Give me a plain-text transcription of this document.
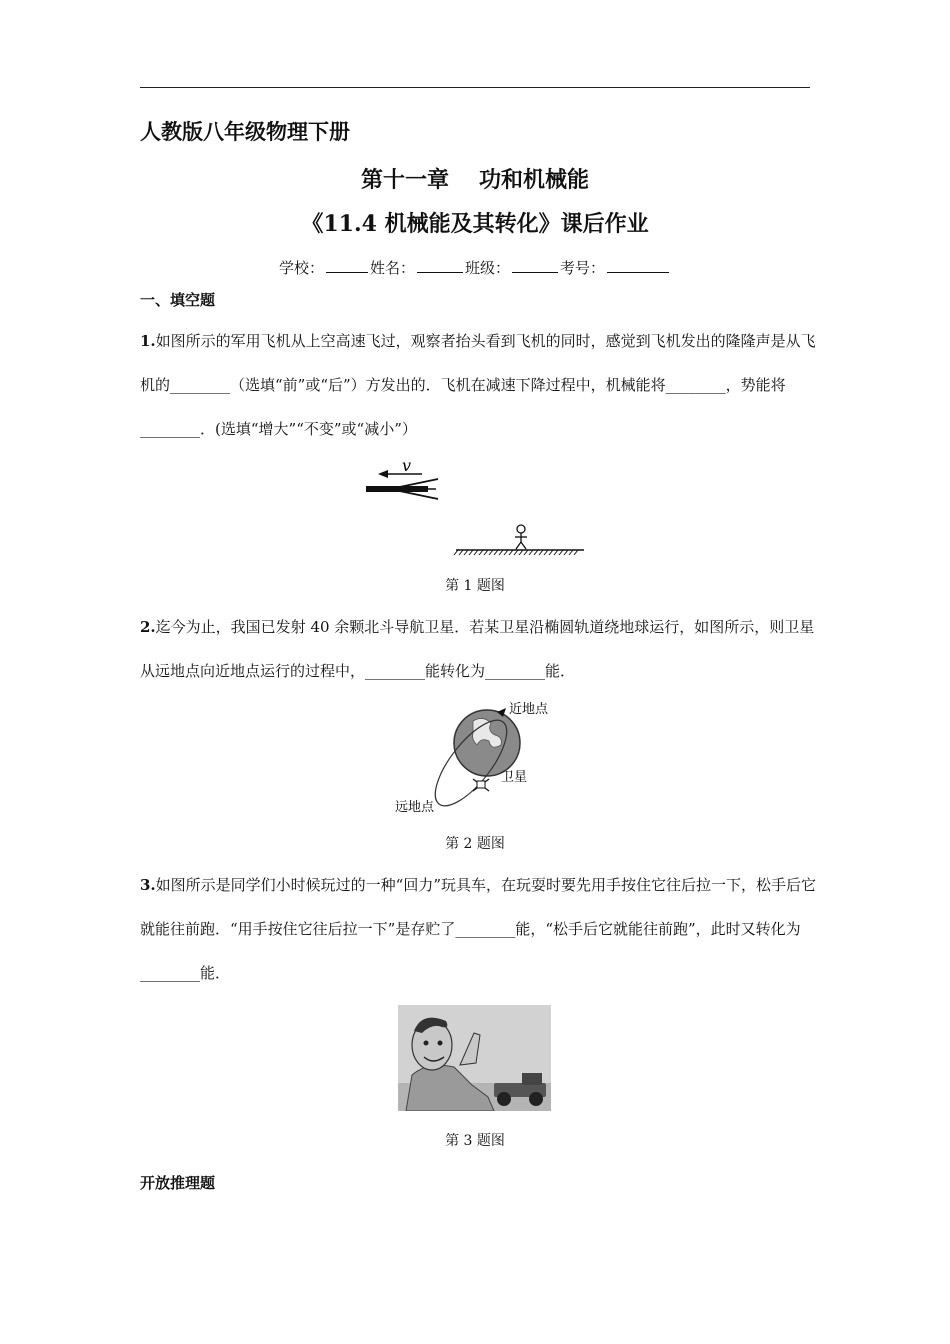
人教版八年级物理下册
第十一章 功和机械能
《11.4 机械能及其转化》课后作业
学校：	姓名：	班级：	考号：
一、填空题
1.如图所示的军用飞机从上空高速飞过，观察者抬头看到飞机的同时，感觉到飞机发出的隆隆声是从飞机的________（选填“前”或“后”）方发出的．飞机在减速下降过程中，机械能将________，势能将________．(选填“增大”“不变”或“减小”）
v
第 1 题图
2.迄今为止，我国已发射 40 余颗北斗导航卫星．若某卫星沿椭圆轨道绕地球运行，如图所示，则卫星从远地点向近地点运行的过程中，________能转化为________能．
近地点
卫星
远地点
第 2 题图
3.如图所示是同学们小时候玩过的一种“回力”玩具车，在玩耍时要先用手按住它往后拉一下，松手后它就能往前跑．“用手按住它往后拉一下”是存贮了________能，“松手后它就能往前跑”，此时又转化为________能．
第 3 题图
开放推理题
